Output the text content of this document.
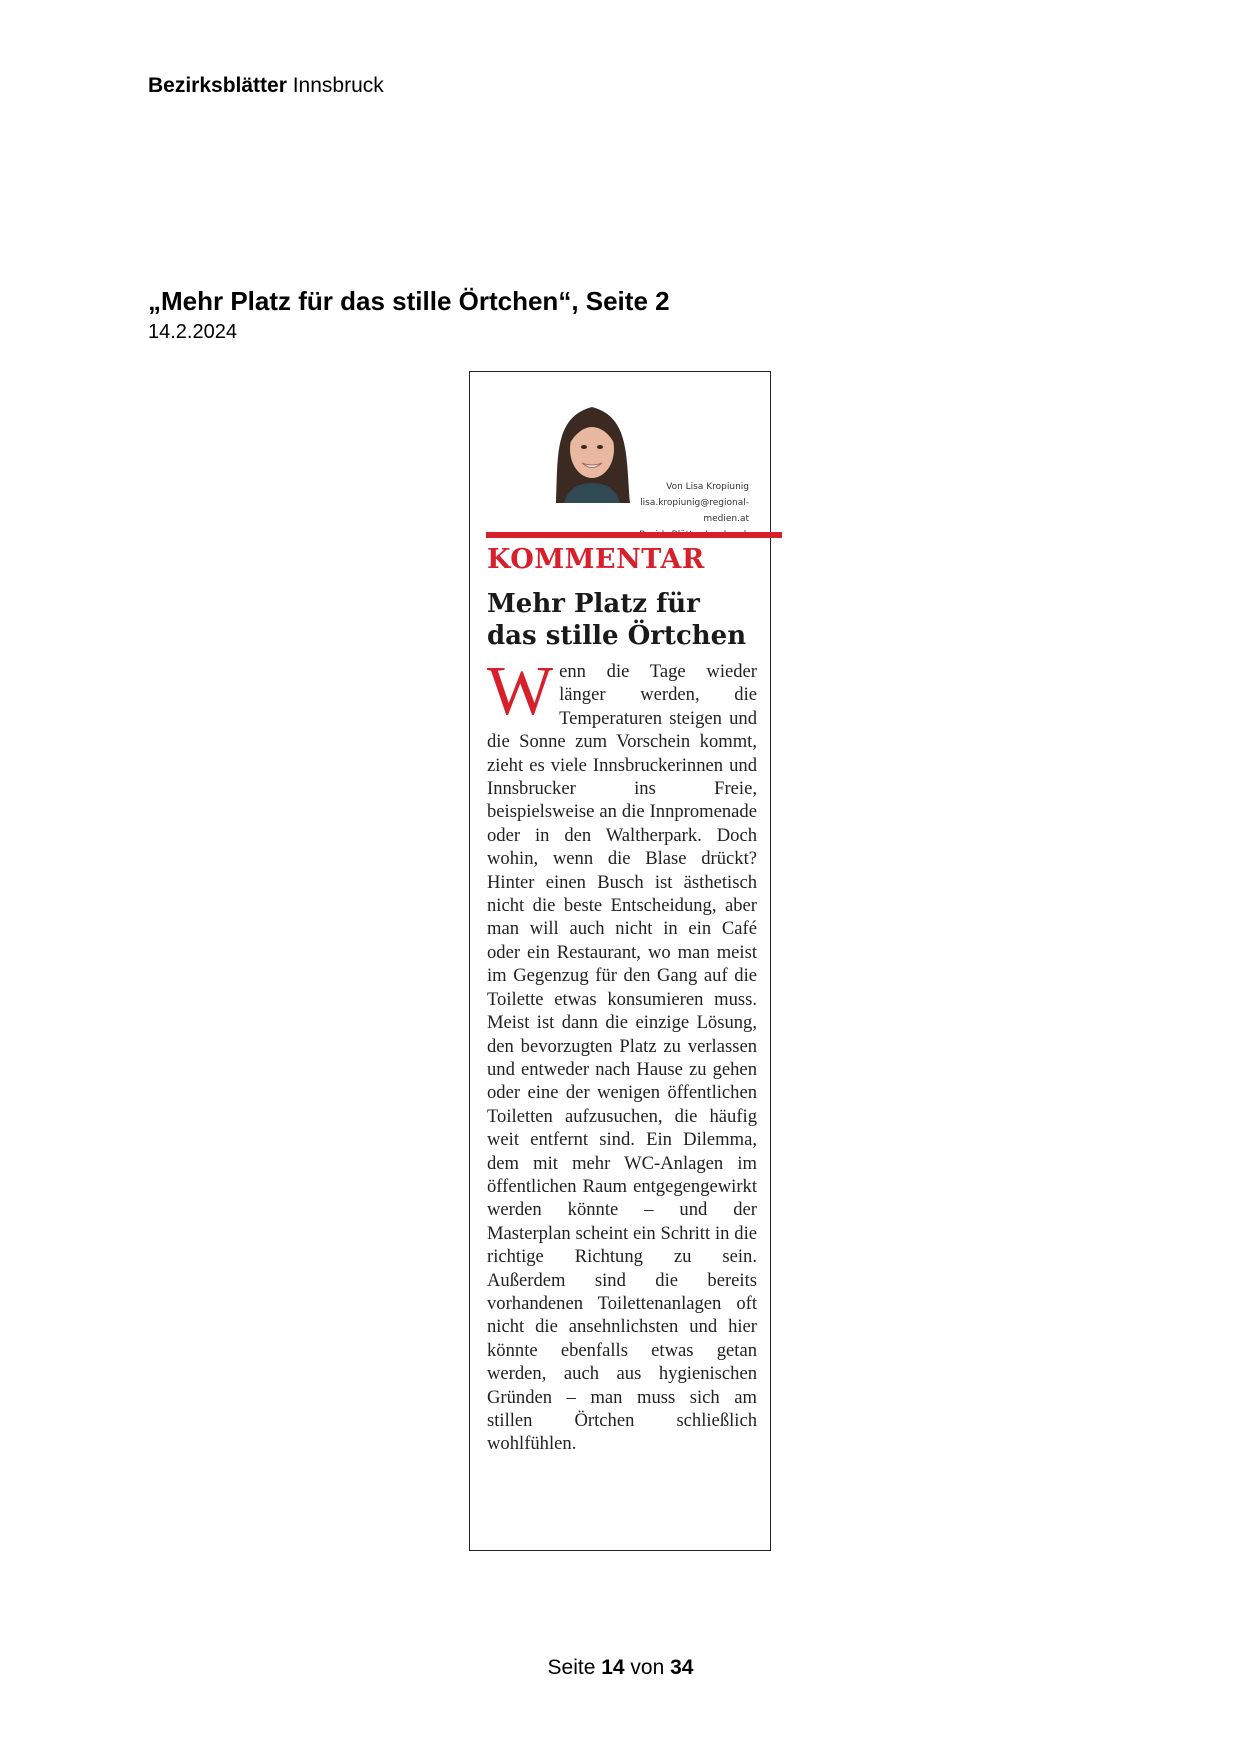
Bezirksblätter Innsbruck
„Mehr Platz für das stille Örtchen“, Seite 2
14.2.2024
Von Lisa Kropiunig
lisa.kropiunig@regional-
medien.at
KOMMENTAR
Mehr Platz für das stille Örtchen
Wenn die Tage wieder länger werden, die Temperaturen steigen und die Sonne zum Vorschein kommt, zieht es viele Innsbruckerinnen und Innsbrucker ins Freie, beispielsweise an die Innpromenade oder in den Waltherpark. Doch wohin, wenn die Blase drückt? Hinter einen Busch ist ästhetisch nicht die beste Entscheidung, aber man will auch nicht in ein Café oder ein Restaurant, wo man meist im Gegenzug für den Gang auf die Toilette etwas konsumieren muss. Meist ist dann die einzige Lösung, den bevorzugten Platz zu verlassen und entweder nach Hause zu gehen oder eine der wenigen öffentlichen Toiletten aufzusuchen, die häufig weit entfernt sind. Ein Dilemma, dem mit mehr WC-Anlagen im öffentlichen Raum entgegengewirkt werden könnte – und der Masterplan scheint ein Schritt in die richtige Richtung zu sein. Außerdem sind die bereits vorhandenen Toilettenanlagen oft nicht die ansehnlichsten und hier könnte ebenfalls etwas getan werden, auch aus hygienischen Gründen – man muss sich am stillen Örtchen schließlich wohlfühlen.
Seite 14 von 34
